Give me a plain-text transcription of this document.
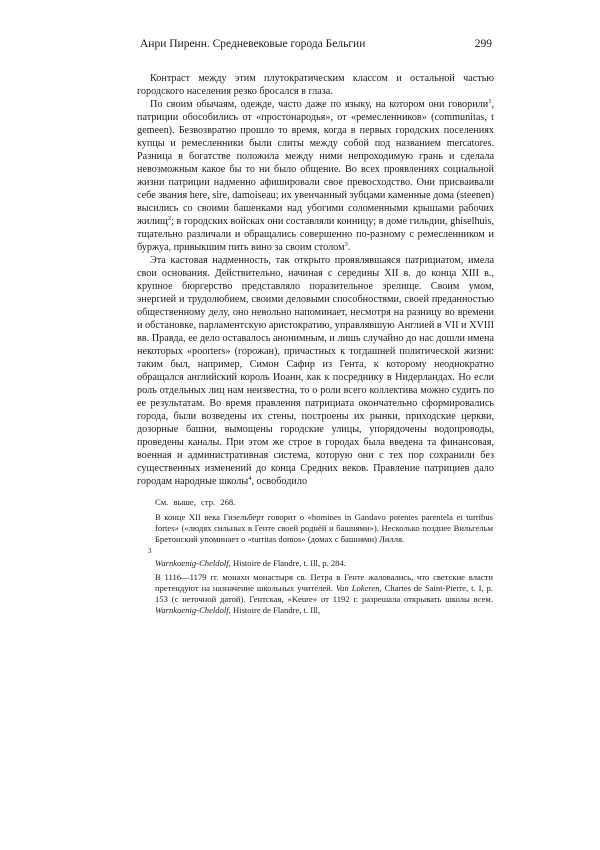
Анри Пиренн. Средневековые города Бельгии	299

Контраст между этим плутократическим классом и остальной частью городского населения резко бросался в глаза.

По своим обычаям, одежде, часто даже по языку, на котором они говорили$^1$, патриции обособились от «простонародья», от «ремесленников» (communitas, t gemeen). Безвозвратно прошло то время, когда в первых городских поселениях купцы и ремесленники были слиты между собой под названием mercatores. Разница в богатстве положила между ними непроходимую грань и сделала невозможным какое бы то ни было общение. Во всех проявлениях социальной жизни патриции надменно афишировали свое превосходство. Они присваивали себе звания here, sire, damoiseau; их увенчанный зубцами каменные дома (steenen) высились со своими башенками над убогими соломенными крышами рабочих жилищ$^2$; в городских войсках они составляли конницу; в доме гильдии, ghiselhuis, тщательно различали и обращались совершенно по-разному с ремесленником и буржуа, привыкшим пить вино за своим столом$^3$.

Эта кастовая надменность, так открыто проявлявшаяся патрициатом, имела свои основания. Действительно, начиная с середины XII в. до конца XIII в., крупное бюргерство представляло поразительное зрелище. Своим умом, энергией и трудолюбием, своими деловыми способностями, своей преданностью общественному делу, оно невольно напоминает, несмотря на разницу во времени и обстановке, парламентскую аристократию, управлявшую Англией в VII и XVIII вв. Правда, ее дело оставалось анонимным, и лишь случайно до нас дошли имена некоторых «poorters» (горожан), причастных к тогдашней политической жизни: таким был, например, Симон Сафир из Гента, к которому неоднократно обращался английский король Иоанн, как к посреднику в Нидерландах. Но если роль отдельных лиц нам неизвестна, то о роли всего коллектива можно судить по ее результатам. Во время правления патрициата окончательно сформировались города, были возведены их стены, построены их рынки, приходские церкви, дозорные башни, вымощены городские улицы, упорядочены водопроводы, проведены каналы. При этом же строе в городах была введена та финансовая, военная и административная система, которую они с тех пор сохранили без существенных изменений до конца Средних веков. Правление патрициев дало городам народные школы$^4$, освободило

См. выше, стр. 268.

В конце XII века Гизельберт говорит о «homines in Gandavo potentes parentela et turribus fortes» («людях сильных в Генте своей роднëй и башнями»). Несколько позднее Вильгельм Бретонский упоминает о «turritas domos» (домах с башнями) Лилля.

3

Warnkoenig-Cheldolf, Histoire de Flandre, t. Ill, p. 284.

В 1116—1179 гг. монахи монастыря св. Петра в Генте жаловались, что светские власти претендуют на назначение школьных учителей. Van Lokeren, Chartes de Saint-Pierre, t. I, p. 153 (с неточной датой). Гентская, «Keure» от 1192 г. разрешала открывать школы всем. Warnkoenig-Cheldolf, Histoire de Flandre, t. Ill,
